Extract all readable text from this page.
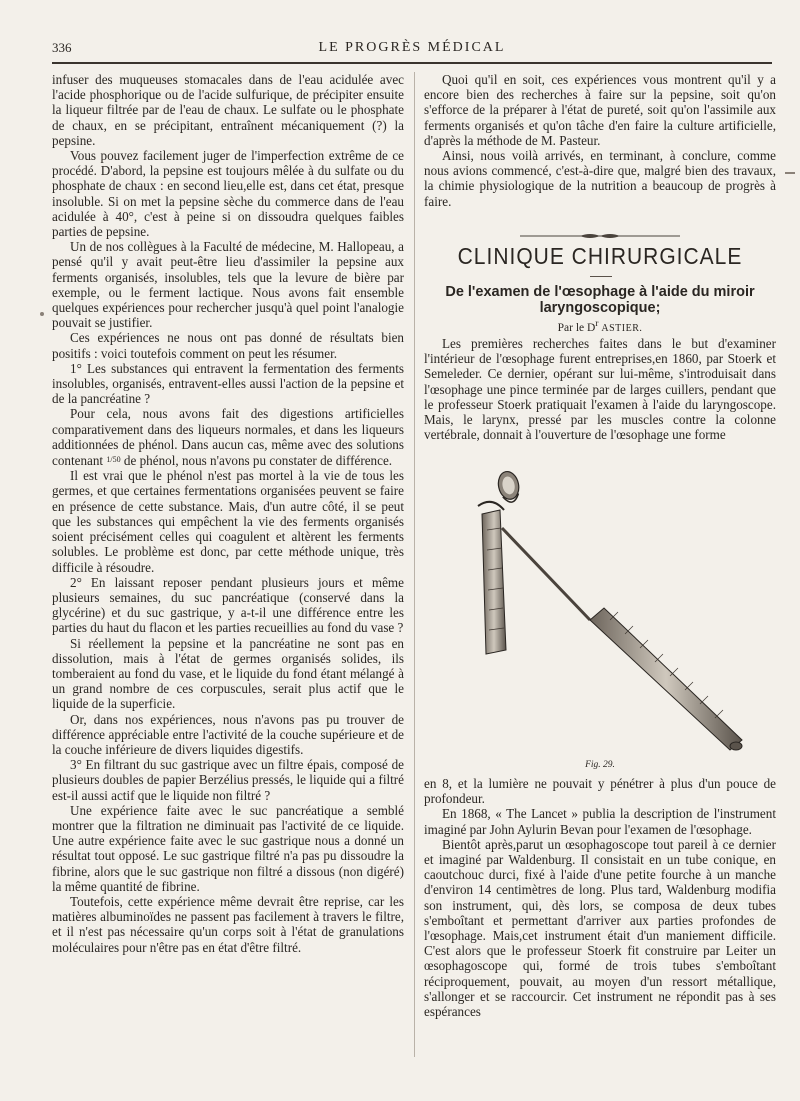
336	LE PROGRÈS MÉDICAL

infuser des muqueuses stomacales dans de l'eau acidulée avec l'acide phosphorique ou de l'acide sulfurique, de précipiter ensuite la liqueur filtrée par de l'eau de chaux. Le sulfate ou le phosphate de chaux, en se précipitant, entraînent mécaniquement (?) la pepsine.

Vous pouvez facilement juger de l'imperfection extrême de ce procédé. D'abord, la pepsine est toujours mêlée à du sulfate ou du phosphate de chaux : en second lieu,elle est, dans cet état, presque insoluble. Si on met la pepsine sèche du commerce dans de l'eau acidulée à 40°, c'est à peine si on dissoudra quelques faibles parties de pepsine.

Un de nos collègues à la Faculté de médecine, M. Hallopeau, a pensé qu'il y avait peut-être lieu d'assimiler la pepsine aux ferments organisés, insolubles, tels que la levure de bière par exemple, ou le ferment lactique. Nous avons fait ensemble quelques expériences pour rechercher jusqu'à quel point l'analogie pouvait se justifier.

Ces expériences ne nous ont pas donné de résultats bien positifs : voici toutefois comment on peut les résumer.

1° Les substances qui entravent la fermentation des ferments insolubles, organisés, entravent-elles aussi l'action de la pepsine et de la pancréatine ?

Pour cela, nous avons fait des digestions artificielles comparativement dans des liqueurs normales, et dans les liqueurs additionnées de phénol. Dans aucun cas, même avec des solutions contenant $^{1/50}$ de phénol, nous n'avons pu constater de différence.

Il est vrai que le phénol n'est pas mortel à la vie de tous les germes, et que certaines fermentations organisées peuvent se faire en présence de cette substance. Mais, d'un autre côté, il se peut que les substances qui empêchent la vie des ferments organisés soient précisément celles qui coagulent et altèrent les ferments solubles. Le problème est donc, par cette méthode unique, très difficile à résoudre.

2° En laissant reposer pendant plusieurs jours et même plusieurs semaines, du suc pancréatique (conservé dans la glycérine) et du suc gastrique, y a-t-il une différence entre les parties du haut du flacon et les parties recueillies au fond du vase ?

Si réellement la pepsine et la pancréatine ne sont pas en dissolution, mais à l'état de germes organisés solides, ils tomberaient au fond du vase, et le liquide du fond étant mélangé à un grand nombre de ces corpuscules, serait plus actif que le liquide de la superficie.

Or, dans nos expériences, nous n'avons pas pu trouver de différence appréciable entre l'activité de la couche supérieure et de la couche inférieure de divers liquides digestifs.

3° En filtrant du suc gastrique avec un filtre épais, composé de plusieurs doubles de papier Berzélius pressés, le liquide qui a filtré est-il aussi actif que le liquide non filtré ?

Une expérience faite avec le suc pancréatique a semblé montrer que la filtration ne diminuait pas l'activité de ce liquide. Une autre expérience faite avec le suc gastrique nous a donné un résultat tout opposé. Le suc gastrique filtré n'a pas pu dissoudre la fibrine, alors que le suc gastrique non filtré a dissous (non digéré) la même quantité de fibrine.

Toutefois, cette expérience même devrait être reprise, car les matières albuminoïdes ne passent pas facilement à travers le filtre, et il n'est pas nécessaire qu'un corps soit à l'état de granulations moléculaires pour n'être pas en état d'être filtré.

Quoi qu'il en soit, ces expériences vous montrent qu'il y a encore bien des recherches à faire sur la pepsine, soit qu'on s'efforce de la préparer à l'état de pureté, soit qu'on l'assimile aux ferments organisés et qu'on tâche d'en faire la culture artificielle, d'après la méthode de M. Pasteur.

Ainsi, nous voilà arrivés, en terminant, à conclure, comme nous avions commencé, c'est-à-dire que, malgré bien des travaux, la chimie physiologique de la nutrition a beaucoup de progrès à faire.

CLINIQUE CHIRURGICALE
De l'examen de l'œsophage à l'aide du miroir laryngoscopique;
Par le $D^r$ ASTIER.

Les premières recherches faites dans le but d'examiner l'intérieur de l'œsophage furent entreprises,en 1860, par Stoerk et Semeleder. Ce dernier, opérant sur lui-même, s'introduisait dans l'œsophage une pince terminée par de larges cuillers, pendant que le professeur Stoerk pratiquait l'examen à l'aide du laryngoscope. Mais, le larynx, pressé par les muscles contre la colonne vertébrale, donnait à l'ouverture de l'œsophage une forme

Fig. 29.

en 8, et la lumière ne pouvait y pénétrer à plus d'un pouce de profondeur.

En 1868, « The Lancet » publia la description de l'instrument imaginé par John Aylurin Bevan pour l'examen de l'œsophage.

Bientôt après,parut un œsophagoscope tout pareil à ce dernier et imaginé par Waldenburg. Il consistait en un tube conique, en caoutchouc durci, fixé à l'aide d'une petite fourche à un manche d'environ 14 centimètres de long. Plus tard, Waldenburg modifia son instrument, qui, dès lors, se composa de deux tubes s'emboîtant et permettant d'arriver aux parties profondes de l'œsophage. Mais,cet instrument était d'un maniement difficile. C'est alors que le professeur Stoerk fit construire par Leiter un œsophagoscope qui, formé de trois tubes s'emboîtant réciproquement, pouvait, au moyen d'un ressort métallique, s'allonger et se raccourcir. Cet instrument ne répondit pas à ses espérances
